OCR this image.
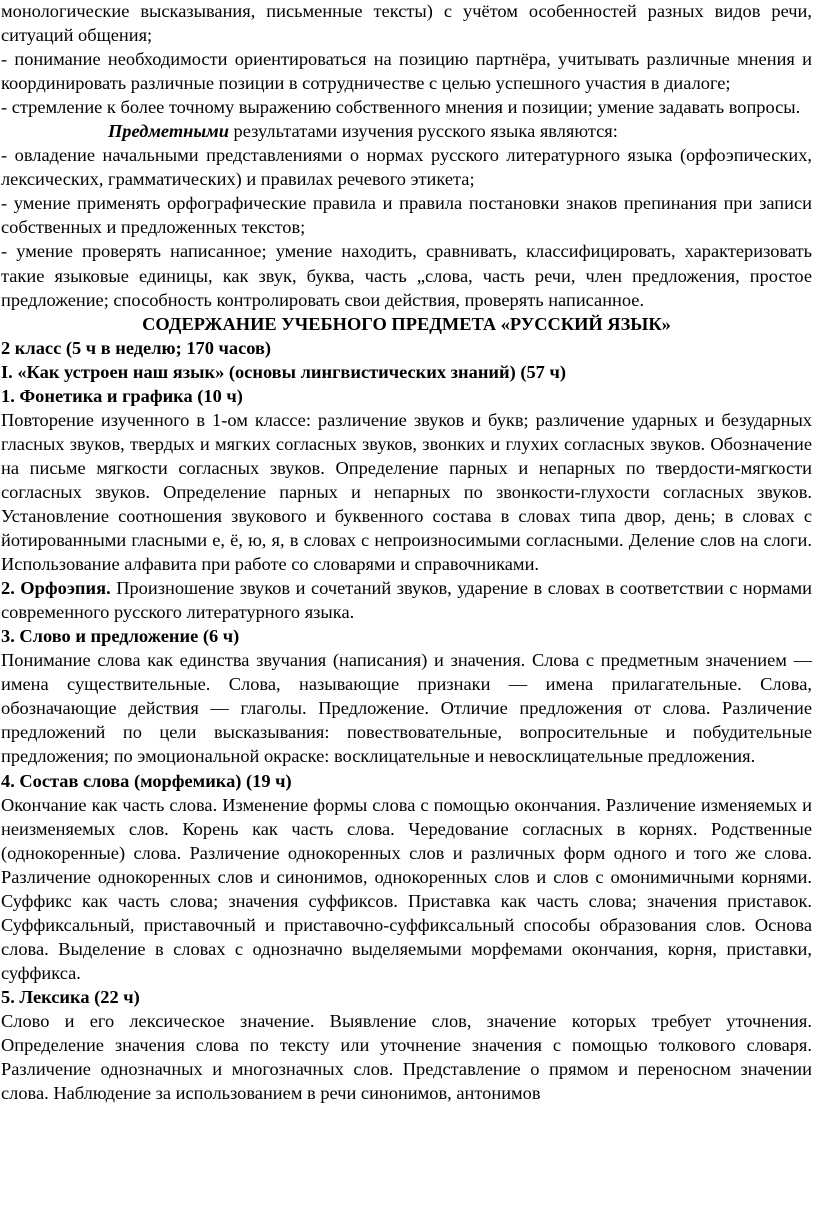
монологические высказывания, письменные тексты) с учётом особенностей разных видов речи, ситуаций общения;

- понимание необходимости ориентироваться на позицию партнёра, учитывать различные мнения и координировать различные позиции в сотрудничестве с целью успешного участия в диалоге;

- стремление к более точному выражению собственного мнения и позиции; умение задавать вопросы.

Предметными результатами изучения русского языка являются:

- овладение начальными представлениями о нормах русского литературного языка (орфоэпических, лексических, грамматических) и правилах речевого этикета;

- умение применять орфографические правила и правила постановки знаков препинания при записи собственных и предложенных текстов;

- умение проверять написанное; умение находить, сравнивать, классифицировать, характеризовать такие языковые единицы, как звук, буква, часть „слова, часть речи, член предложения, простое предложение; способность контролировать свои действия, проверять написанное.

СОДЕРЖАНИЕ УЧЕБНОГО ПРЕДМЕТА «РУССКИЙ ЯЗЫК»

2 класс (5 ч в неделю; 170 часов)

I. «Как устроен наш язык» (основы лингвистических знаний) (57 ч)

1. Фонетика и графика (10 ч)

Повторение изученного в 1-ом классе: различение звуков и букв; различение ударных и безударных гласных звуков, твердых и мягких согласных звуков, звонких и глухих согласных звуков. Обозначение на письме мягкости согласных звуков. Определение парных и непарных по твердости-мягкости согласных звуков. Определение парных и непарных по звонкости-глухости согласных звуков. Установление соотношения звукового и буквенного состава в словах типа двор, день; в словах с йотированными гласными е, ё, ю, я, в словах с непроизносимыми согласными. Деление слов на слоги. Использование алфавита при работе со словарями и справочниками.

2. Орфоэпия. Произношение звуков и сочетаний звуков, ударение в словах в соответствии с нормами современного русского литературного языка.

3. Слово и предложение (6 ч)

Понимание слова как единства звучания (написания) и значения. Слова с предметным значением — имена существительные. Слова, называющие признаки — имена прилагательные. Слова, обозначающие действия — глаголы. Предложение. Отличие предложения от слова. Различение предложений по цели высказывания: повествовательные, вопросительные и побудительные предложения; по эмоциональной окраске: восклицательные и невосклицательные предложения.

4. Состав слова (морфемика) (19 ч)

Окончание как часть слова. Изменение формы слова с помощью окончания. Различение изменяемых и неизменяемых слов. Корень как часть слова. Чередование согласных в корнях. Родственные (однокоренные) слова. Различение однокоренных слов и различных форм одного и того же слова. Различение однокоренных слов и синонимов, однокоренных слов и слов с омонимичными корнями. Суффикс как часть слова; значения суффиксов. Приставка как часть слова; значения приставок. Суффиксальный, приставочный и приставочно-суффиксальный способы образования слов. Основа слова. Выделение в словах с однозначно выделяемыми морфемами окончания, корня, приставки, суффикса.

5. Лексика (22 ч)

Слово и его лексическое значение. Выявление слов, значение которых требует уточнения. Определение значения слова по тексту или уточнение значения с помощью толкового словаря. Различение однозначных и многозначных слов. Представление о прямом и переносном значении слова. Наблюдение за использованием в речи синонимов, антонимов
